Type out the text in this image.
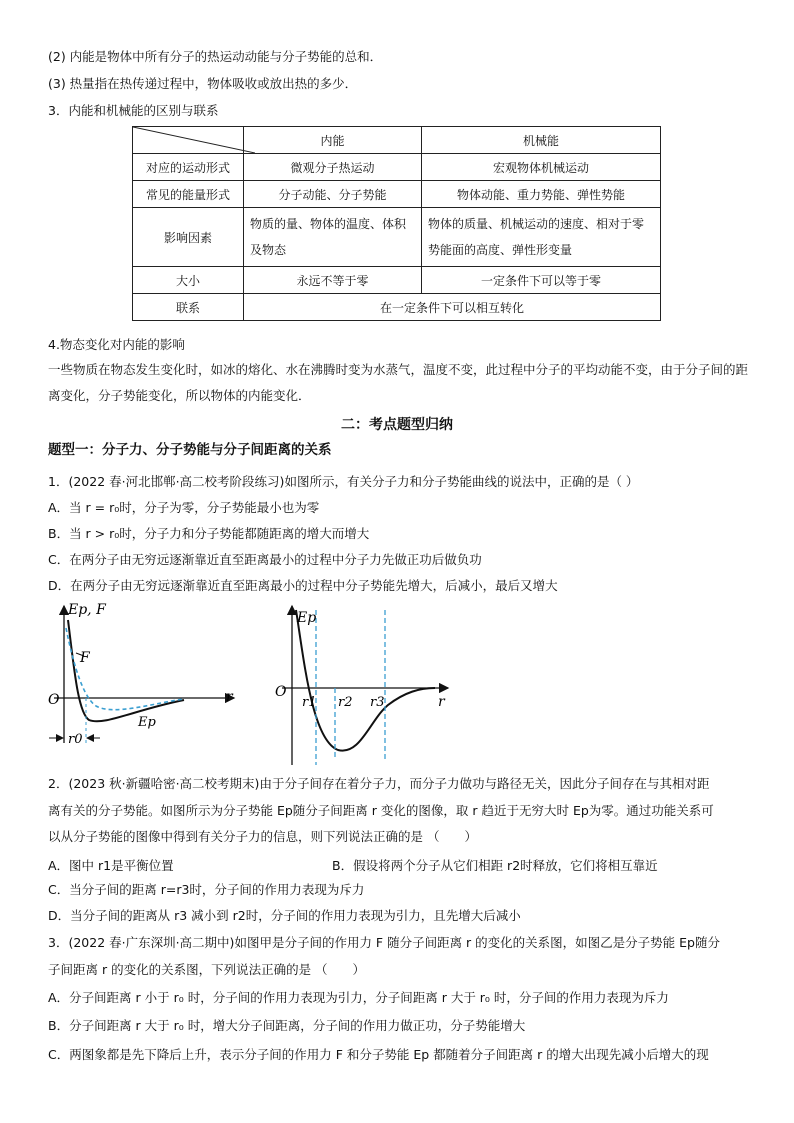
(2) 内能是物体中所有分子的热运动动能与分子势能的总和．
(3) 热量指在热传递过程中，物体吸收或放出热的多少．
3．内能和机械能的区别与联系
	内能	机械能
对应的运动形式	微观分子热运动	宏观物体机械运动
常见的能量形式	分子动能、分子势能	物体动能、重力势能、弹性势能
影响因素	物质的量、物体的温度、体积及物态	物体的质量、机械运动的速度、相对于零势能面的高度、弹性形变量
大小	永远不等于零	一定条件下可以等于零
联系	在一定条件下可以相互转化	
4.物态变化对内能的影响
一些物质在物态发生变化时，如冰的熔化、水在沸腾时变为水蒸气，温度不变，此过程中分子的平均动能不变，由于分子间的距离变化，分子势能变化，所以物体的内能变化．
二：考点题型归纳
题型一：分子力、分子势能与分子间距离的关系
1．(2022 春·河北邯郸·高二校考阶段练习)如图所示，有关分子力和分子势能曲线的说法中，正确的是（ ）
A．当 r = r₀时，分子为零，分子势能最小也为零
B．当 r > r₀时，分子力和分子势能都随距离的增大而增大
C．在两分子由无穷远逐渐靠近直至距离最小的过程中分子力先做正功后做负功
D．在两分子由无穷远逐渐靠近直至距离最小的过程中分子势能先增大，后减小，最后又增大
Ep, F
F
O	r
Ep
r0
Ep
O
r
r1 r2 r3
2．(2023 秋·新疆哈密·高二校考期末)由于分子间存在着分子力，而分子力做功与路径无关，因此分子间存在与其相对距
离有关的分子势能。如图所示为分子势能 Ep随分子间距离 r 变化的图像，取 r 趋近于无穷大时 Ep为零。通过功能关系可
以从分子势能的图像中得到有关分子力的信息，则下列说法正确的是 （　　）
A．图中 r1是平衡位置	B．假设将两个分子从它们相距 r2时释放，它们将相互靠近
C．当分子间的距离 r=r3时，分子间的作用力表现为斥力
D．当分子间的距离从 r3 减小到 r2时，分子间的作用力表现为引力，且先增大后减小
3．(2022 春·广东深圳·高二期中)如图甲是分子间的作用力 F 随分子间距离 r 的变化的关系图，如图乙是分子势能 Ep随分
子间距离 r 的变化的关系图，下列说法正确的是 （　　）
A．分子间距离 r 小于 r₀ 时，分子间的作用力表现为引力，分子间距离 r 大于 r₀ 时，分子间的作用力表现为斥力
B．分子间距离 r 大于 r₀ 时，增大分子间距离，分子间的作用力做正功，分子势能增大
C．两图象都是先下降后上升，表示分子间的作用力 F 和分子势能 Ep 都随着分子间距离 r 的增大出现先减小后增大的现
